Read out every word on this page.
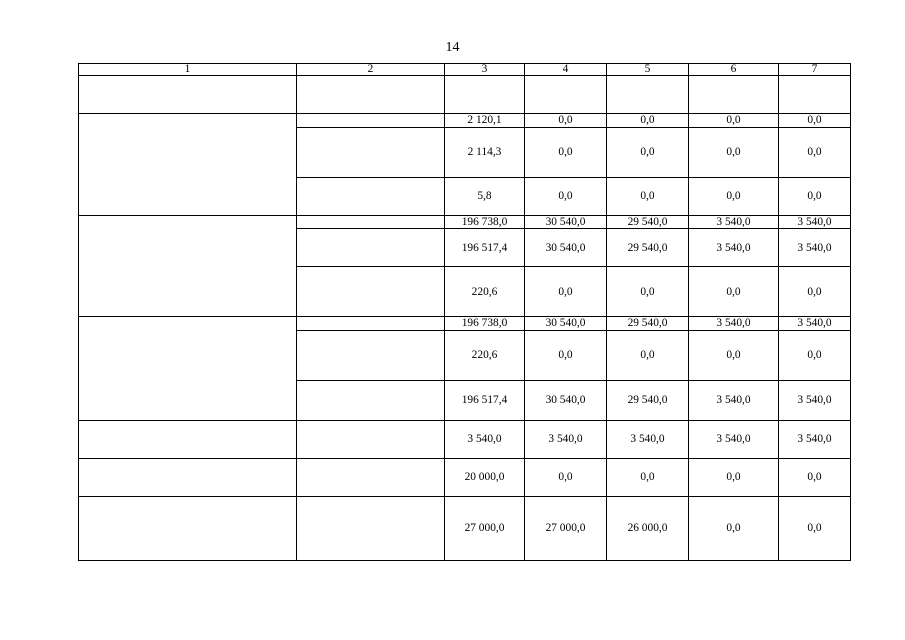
14
1	2	3	4	5	6	7

		2 120,1	0,0	0,0	0,0	0,0
		2 114,3	0,0	0,0	0,0	0,0
		5,8	0,0	0,0	0,0	0,0
		196 738,0	30 540,0	29 540,0	3 540,0	3 540,0
		196 517,4	30 540,0	29 540,0	3 540,0	3 540,0
		220,6	0,0	0,0	0,0	0,0
		196 738,0	30 540,0	29 540,0	3 540,0	3 540,0
		220,6	0,0	0,0	0,0	0,0
		196 517,4	30 540,0	29 540,0	3 540,0	3 540,0
		3 540,0	3 540,0	3 540,0	3 540,0	3 540,0
		20 000,0	0,0	0,0	0,0	0,0
		27 000,0	27 000,0	26 000,0	0,0	0,0
